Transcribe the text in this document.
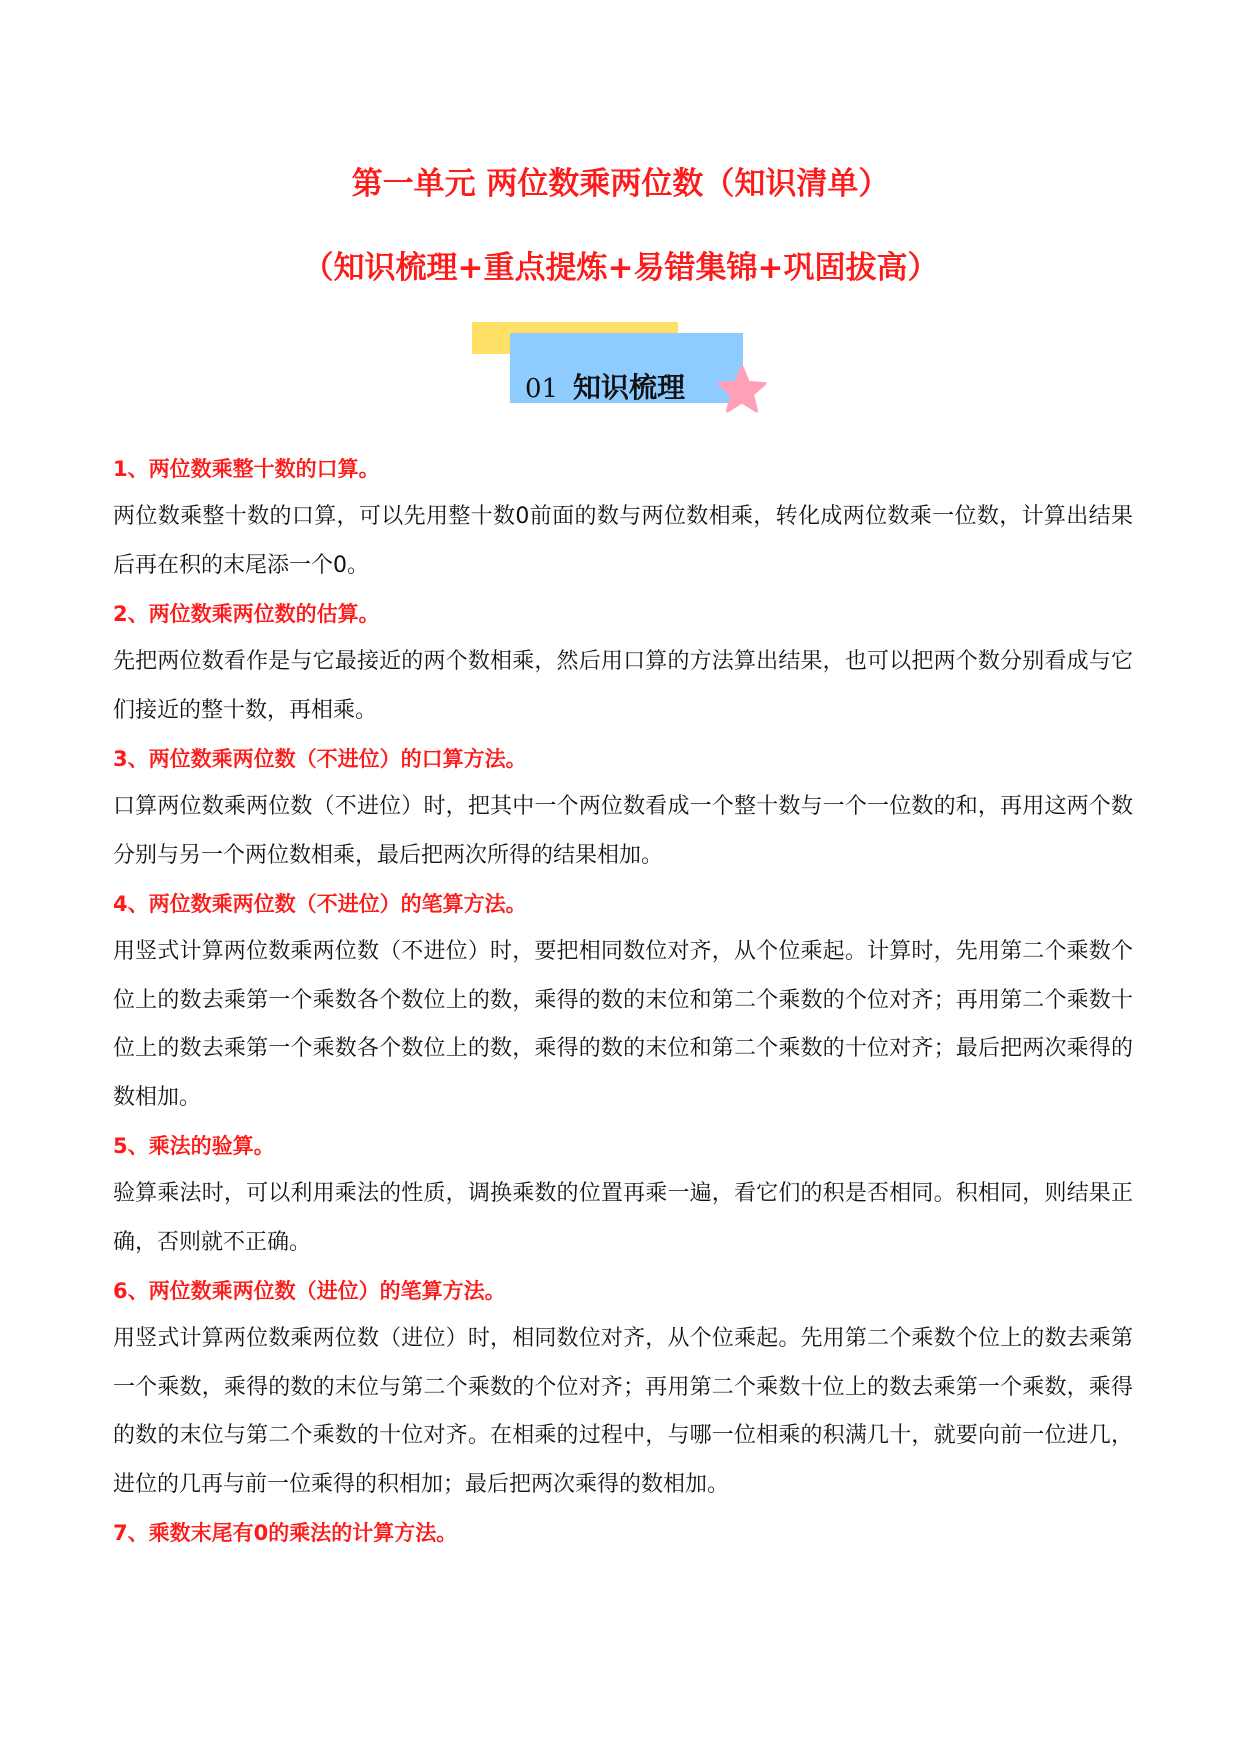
第一单元 两位数乘两位数（知识清单）
（知识梳理+重点提炼+易错集锦+巩固拔高）
01 知识梳理
1、两位数乘整十数的口算。
两位数乘整十数的口算，可以先用整十数0前面的数与两位数相乘，转化成两位数乘一位数，计算出结果后再在积的末尾添一个0。
2、两位数乘两位数的估算。
先把两位数看作是与它最接近的两个数相乘，然后用口算的方法算出结果，也可以把两个数分别看成与它们接近的整十数，再相乘。
3、两位数乘两位数（不进位）的口算方法。
口算两位数乘两位数（不进位）时，把其中一个两位数看成一个整十数与一个一位数的和，再用这两个数分别与另一个两位数相乘，最后把两次所得的结果相加。
4、两位数乘两位数（不进位）的笔算方法。
用竖式计算两位数乘两位数（不进位）时，要把相同数位对齐，从个位乘起。计算时，先用第二个乘数个位上的数去乘第一个乘数各个数位上的数，乘得的数的末位和第二个乘数的个位对齐；再用第二个乘数十位上的数去乘第一个乘数各个数位上的数，乘得的数的末位和第二个乘数的十位对齐；最后把两次乘得的数相加。
5、乘法的验算。
验算乘法时，可以利用乘法的性质，调换乘数的位置再乘一遍，看它们的积是否相同。积相同，则结果正确，否则就不正确。
6、两位数乘两位数（进位）的笔算方法。
用竖式计算两位数乘两位数（进位）时，相同数位对齐，从个位乘起。先用第二个乘数个位上的数去乘第一个乘数，乘得的数的末位与第二个乘数的个位对齐；再用第二个乘数十位上的数去乘第一个乘数，乘得的数的末位与第二个乘数的十位对齐。在相乘的过程中，与哪一位相乘的积满几十，就要向前一位进几，进位的几再与前一位乘得的积相加；最后把两次乘得的数相加。
7、乘数末尾有0的乘法的计算方法。
